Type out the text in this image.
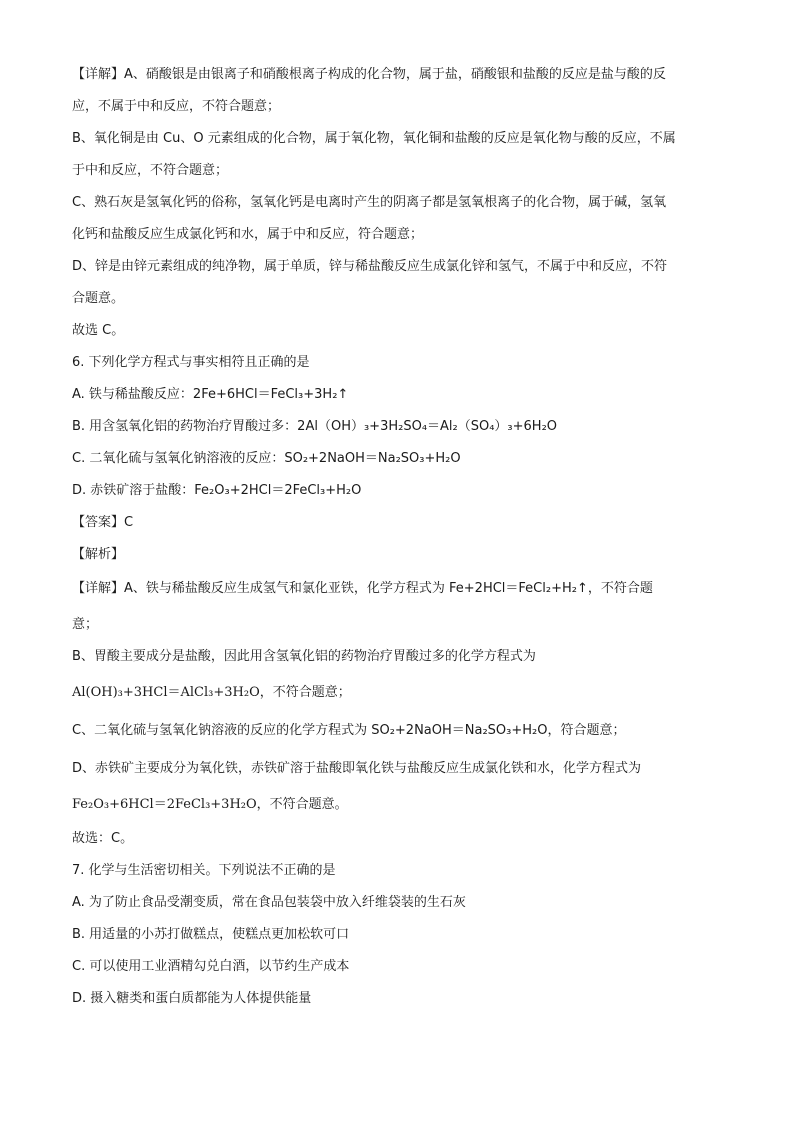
【详解】A、硝酸银是由银离子和硝酸根离子构成的化合物，属于盐，硝酸银和盐酸的反应是盐与酸的反
应，不属于中和反应，不符合题意；
B、氧化铜是由 Cu、O 元素组成的化合物，属于氧化物，氧化铜和盐酸的反应是氧化物与酸的反应，不属
于中和反应，不符合题意；
C、熟石灰是氢氧化钙的俗称，氢氧化钙是电离时产生的阴离子都是氢氧根离子的化合物，属于碱，氢氧
化钙和盐酸反应生成氯化钙和水，属于中和反应，符合题意；
D、锌是由锌元素组成的纯净物，属于单质，锌与稀盐酸反应生成氯化锌和氢气，不属于中和反应，不符
合题意。
故选 C。
6. 下列化学方程式与事实相符且正确的是
A. 铁与稀盐酸反应：2Fe+6HCl＝FeCl₃+3H₂↑
B. 用含氢氧化铝的药物治疗胃酸过多：2Al（OH）₃+3H₂SO₄＝Al₂（SO₄）₃+6H₂O
C. 二氧化硫与氢氧化钠溶液的反应：SO₂+2NaOH＝Na₂SO₃+H₂O
D. 赤铁矿溶于盐酸：Fe₂O₃+2HCl＝2FeCl₃+H₂O
【答案】C
【解析】
【详解】A、铁与稀盐酸反应生成氢气和氯化亚铁，化学方程式为 Fe+2HCl＝FeCl₂+H₂↑，不符合题
意；
B、胃酸主要成分是盐酸，因此用含氢氧化铝的药物治疗胃酸过多的化学方程式为
Al(OH)₃+3HCl＝AlCl₃+3H₂O，不符合题意；
C、二氧化硫与氢氧化钠溶液的反应的化学方程式为 SO₂+2NaOH＝Na₂SO₃+H₂O，符合题意；
D、赤铁矿主要成分为氧化铁，赤铁矿溶于盐酸即氧化铁与盐酸反应生成氯化铁和水，化学方程式为
Fe₂O₃+6HCl＝2FeCl₃+3H₂O，不符合题意。
故选：C。
7. 化学与生活密切相关。下列说法不正确的是
A. 为了防止食品受潮变质，常在食品包装袋中放入纤维袋装的生石灰
B. 用适量的小苏打做糕点，使糕点更加松软可口
C. 可以使用工业酒精勾兑白酒，以节约生产成本
D. 摄入糖类和蛋白质都能为人体提供能量
